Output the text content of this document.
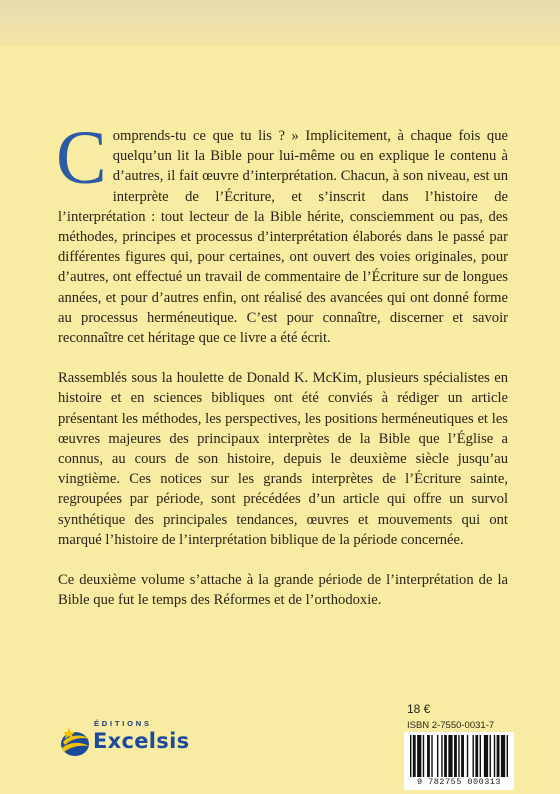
Comprends-tu ce que tu lis ? » Implicitement, à chaque fois que quelqu’un lit la Bible pour lui-même ou en explique le contenu à d’autres, il fait œuvre d’interprétation. Chacun, à son niveau, est un interprète de l’Écriture, et s’inscrit dans l’histoire de l’interprétation : tout lecteur de la Bible hérite, consciemment ou pas, des méthodes, principes et processus d’interprétation élaborés dans le passé par différentes figures qui, pour certaines, ont ouvert des voies originales, pour d’autres, ont effectué un travail de commentaire de l’Écriture sur de longues années, et pour d’autres enfin, ont réalisé des avancées qui ont donné forme au processus herméneutique. C’est pour connaître, discerner et savoir reconnaître cet héritage que ce livre a été écrit.

Rassemblés sous la houlette de Donald K. McKim, plusieurs spécialistes en histoire et en sciences bibliques ont été conviés à rédiger un article présentant les méthodes, les perspectives, les positions herméneutiques et les œuvres majeures des principaux interprètes de la Bible que l’Église a connus, au cours de son histoire, depuis le deuxième siècle jusqu’au vingtième. Ces notices sur les grands interprètes de l’Écriture sainte, regroupées par période, sont précédées d’un article qui offre un survol synthétique des principales tendances, œuvres et mouvements qui ont marqué l’histoire de l’interprétation biblique de la période concernée.

Ce deuxième volume s’attache à la grande période de l’interprétation de la Bible que fut le temps des Réformes et de l’orthodoxie.

ÉDITIONS
Excelsis
18 €
ISBN 2-7550-0031-7
9 782755 000313
